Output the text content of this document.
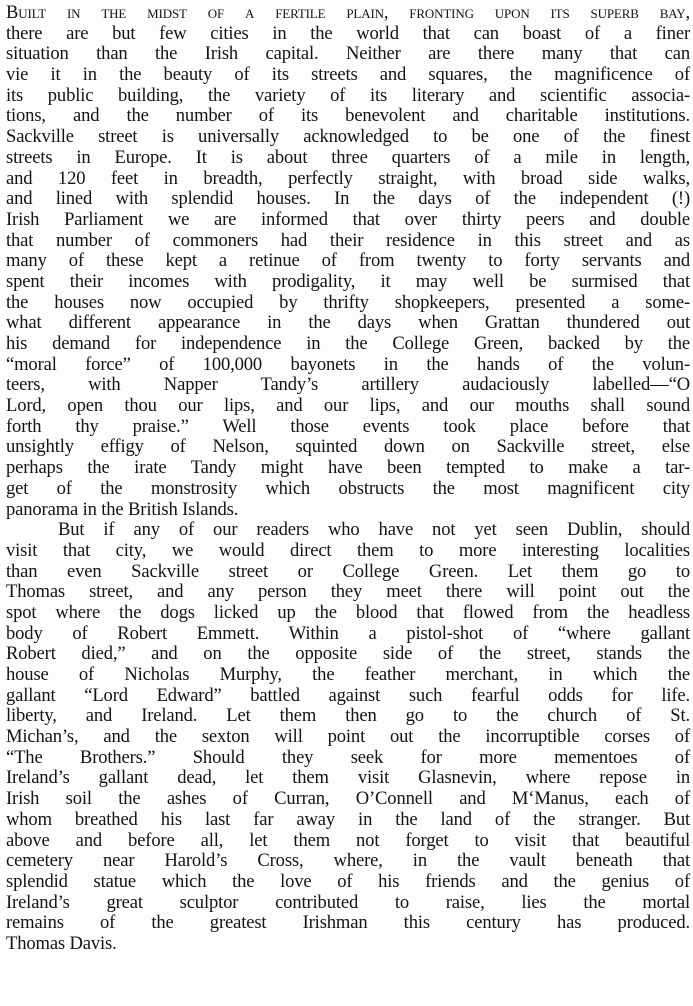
Built in the midst of a fertile plain, fronting upon its superb bay,
there are but few cities in the world that can boast of a finer
situation than the Irish capital. Neither are there many that can
vie it in the beauty of its streets and squares, the magnificence of
its public building, the variety of its literary and scientific associa-
tions, and the number of its benevolent and charitable institutions.
Sackville street is universally acknowledged to be one of the finest
streets in Europe. It is about three quarters of a mile in length,
and 120 feet in breadth, perfectly straight, with broad side walks,
and lined with splendid houses. In the days of the independent (!)
Irish Parliament we are informed that over thirty peers and double
that number of commoners had their residence in this street and as
many of these kept a retinue of from twenty to forty servants and
spent their incomes with prodigality, it may well be surmised that
the houses now occupied by thrifty shopkeepers, presented a some-
what different appearance in the days when Grattan thundered out
his demand for independence in the College Green, backed by the
“moral force” of 100,000 bayonets in the hands of the volun-
teers, with Napper Tandy’s artillery audaciously labelled—“O
Lord, open thou our lips, and our lips, and our mouths shall sound
forth thy praise.” Well those events took place before that
unsightly effigy of Nelson, squinted down on Sackville street, else
perhaps the irate Tandy might have been tempted to make a tar-
get of the monstrosity which obstructs the most magnificent city
panorama in the British Islands.

But if any of our readers who have not yet seen Dublin, should
visit that city, we would direct them to more interesting localities
than even Sackville street or College Green. Let them go to
Thomas street, and any person they meet there will point out the
spot where the dogs licked up the blood that flowed from the headless
body of Robert Emmett. Within a pistol-shot of “where gallant
Robert died,” and on the opposite side of the street, stands the
house of Nicholas Murphy, the feather merchant, in which the
gallant “Lord Edward” battled against such fearful odds for life.
liberty, and Ireland. Let them then go to the church of St.
Michan’s, and the sexton will point out the incorruptible corses of
“The Brothers.” Should they seek for more mementoes of
Ireland’s gallant dead, let them visit Glasnevin, where repose in
Irish soil the ashes of Curran, O’Connell and M‘Manus, each of
whom breathed his last far away in the land of the stranger. But
above and before all, let them not forget to visit that beautiful
cemetery near Harold’s Cross, where, in the vault beneath that
splendid statue which the love of his friends and the genius of
Ireland’s great sculptor contributed to raise, lies the mortal
remains of the greatest Irishman this century has produced.
Thomas Davis.
